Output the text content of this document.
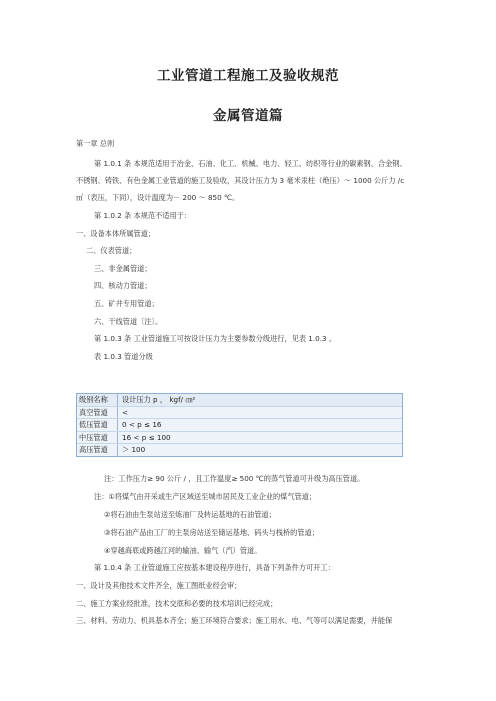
工业管道工程施工及验收规范
金属管道篇
第一章 总则
第 1.0.1 条 本规范适用于冶金、石油、化工、机械、电力、轻工、纺织等行业的碳素钢、合金钢、
不锈钢、铸铁、有色金属工业管道的施工及验收，其设计压力为 3 毫米汞柱（绝压）～ 1000 公斤力 /c
㎡（表压，下同），设计温度为－ 200 ～ 850 ℃。
第 1.0.2 条 本规范不适用于：
一、设备本体所属管道；
二、仪表管道；
三、非金属管道；
四、核动力管道；
五、矿井专用管道；
六、干线管道〔注〕。
第 1.0.3 条 工业管道施工可按设计压力为主要参数分级进行，见表 1.0.3 。
表 1.0.3 管道分级
级别名称	设计压力 p ， kgf/ ㎝²
真空管道	<
低压管道	0 < p ≤ 16
中压管道	16 < p ≤ 100
高压管道	＞ 100
注：工作压力≥ 90 公斤 / ，且工作温度≥ 500 ℃的蒸气管道可升级为高压管道。
注：①将煤气由开采或生产区域送至城市居民及工业企业的煤气管道；
②将石油由生泵站送至炼油厂及转运基地的石油管道；
③将石油产品由工厂的主泵房站送至储运基地、码头与栈桥的管道；
④穿越海底或跨越江河的输油、输气（汽）管道。
第 1.0.4 条 工业管道施工应按基本建设程序进行，具备下列条件方可开工：
一、设计及其他技术文件齐全，施工图纸业经会审；
二、施工方案业经批准，技术交底和必要的技术培训已经完成；
三、材料、劳动力、机具基本齐全；施工环境符合要求；施工用水、电、气等可以满足需要，并能保
